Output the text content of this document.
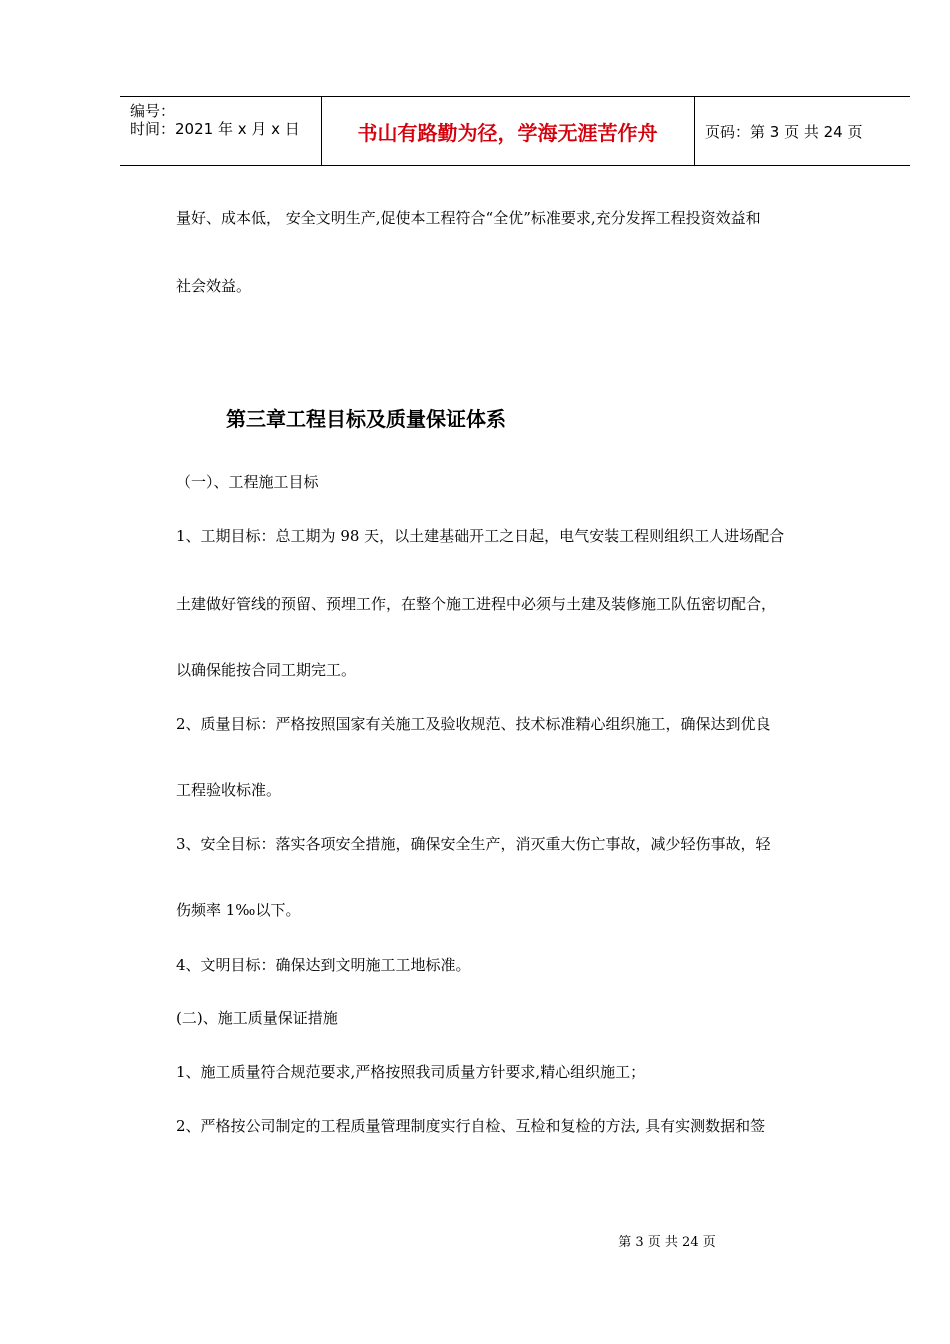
编号：
时间：2021 年 x 月 x 日	书山有路勤为径，学海无涯苦作舟	页码：第 3 页 共 24 页
量好、成本低， 安全文明生产,促使本工程符合“全优”标准要求,充分发挥工程投资效益和
社会效益。
第三章工程目标及质量保证体系
（一）、工程施工目标
1、工期目标：总工期为 98 天，以土建基础开工之日起，电气安装工程则组织工人进场配合
土建做好管线的预留、预埋工作，在整个施工进程中必须与土建及装修施工队伍密切配合，
以确保能按合同工期完工。
2、质量目标：严格按照国家有关施工及验收规范、技术标准精心组织施工，确保达到优良
工程验收标准。
3、安全目标：落实各项安全措施，确保安全生产，消灭重大伤亡事故，减少轻伤事故，轻
伤频率 1‰以下。
4、文明目标：确保达到文明施工工地标准。
(二)、施工质量保证措施
1、施工质量符合规范要求,严格按照我司质量方针要求,精心组织施工；
2、严格按公司制定的工程质量管理制度实行自检、互检和复检的方法, 具有实测数据和签
第 3 页 共 24 页
